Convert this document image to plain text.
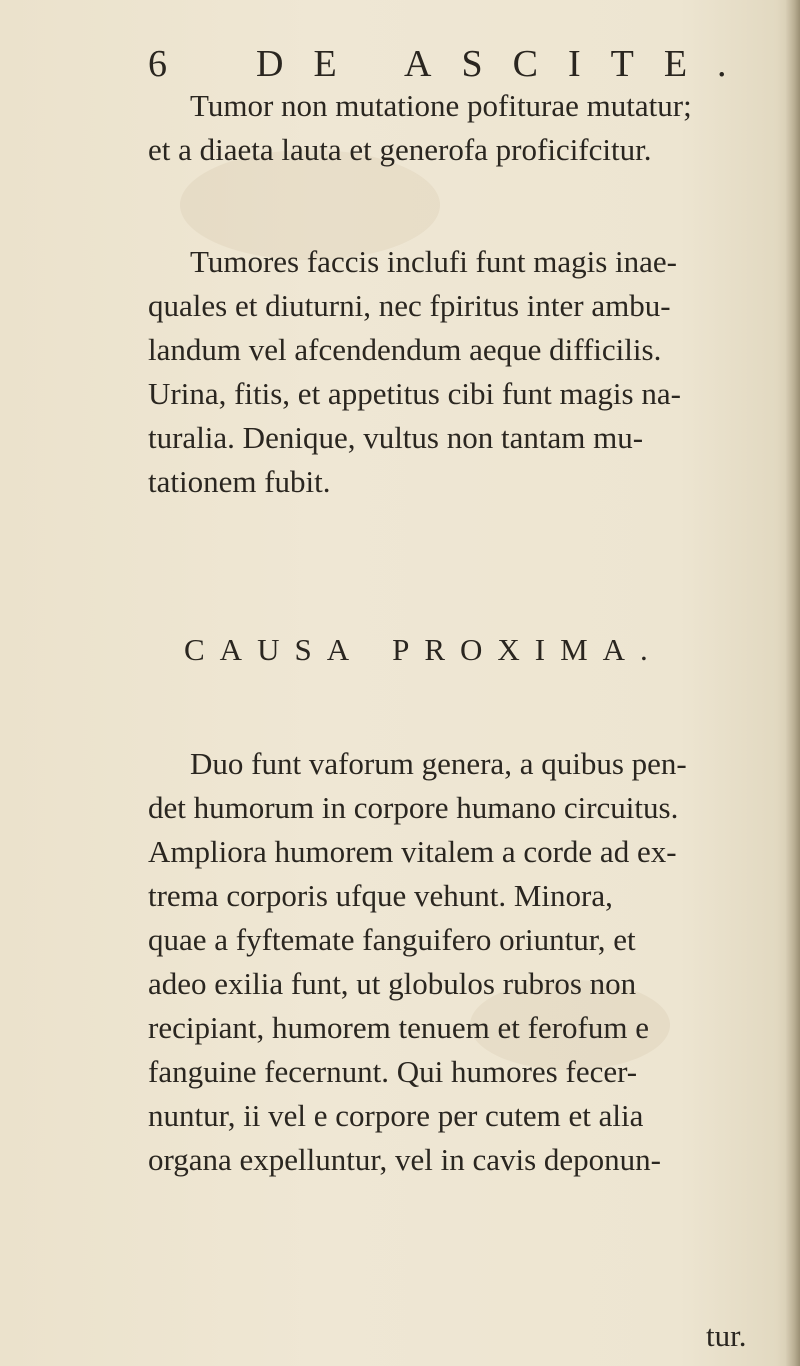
6 DE ASCITE.
Tumor non mutatione pofiturae mutatur;
et a diaeta lauta et generofa proficifcitur.
Tumores faccis inclufi funt magis inae-
quales et diuturni, nec fpiritus inter ambu-
landum vel afcendendum aeque difficilis.
Urina, fitis, et appetitus cibi funt magis na-
turalia. Denique, vultus non tantam mu-
tationem fubit.
CAUSA PROXIMA.
Duo funt vaforum genera, a quibus pen-
det humorum in corpore humano circuitus.
Ampliora humorem vitalem a corde ad ex-
trema corporis ufque vehunt. Minora,
quae a fyftemate fanguifero oriuntur, et
adeo exilia funt, ut globulos rubros non
recipiant, humorem tenuem et ferofum e
fanguine fecernunt. Qui humores fecer-
nuntur, ii vel e corpore per cutem et alia
organa expelluntur, vel in cavis deponun-
tur.
